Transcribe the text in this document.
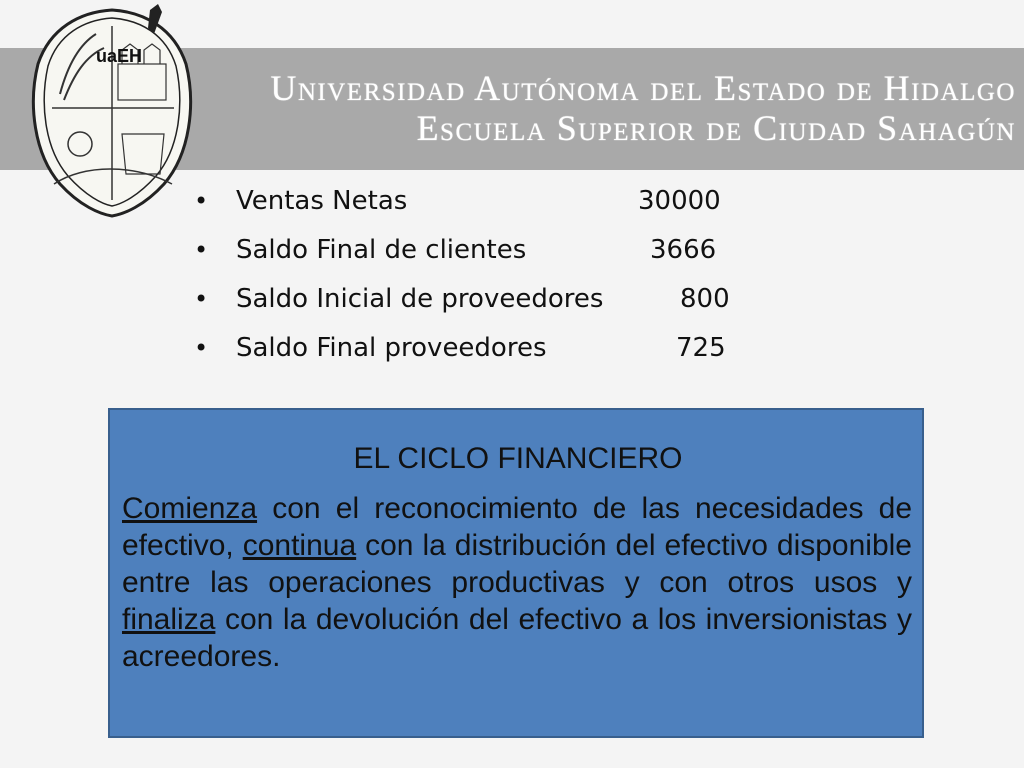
Universidad Autónoma del Estado de Hidalgo
Escuela Superior de Ciudad Sahagún
uaEH
• Ventas Netas	30000
• Saldo Final de clientes	3666
• Saldo Inicial de proveedores	800
• Saldo Final proveedores	725
EL CICLO FINANCIERO
Comienza con el reconocimiento de las necesidades de efectivo, continua con la distribución del efectivo disponible entre las operaciones productivas y con otros usos y finaliza con la devolución del efectivo a los inversionistas y acreedores.
